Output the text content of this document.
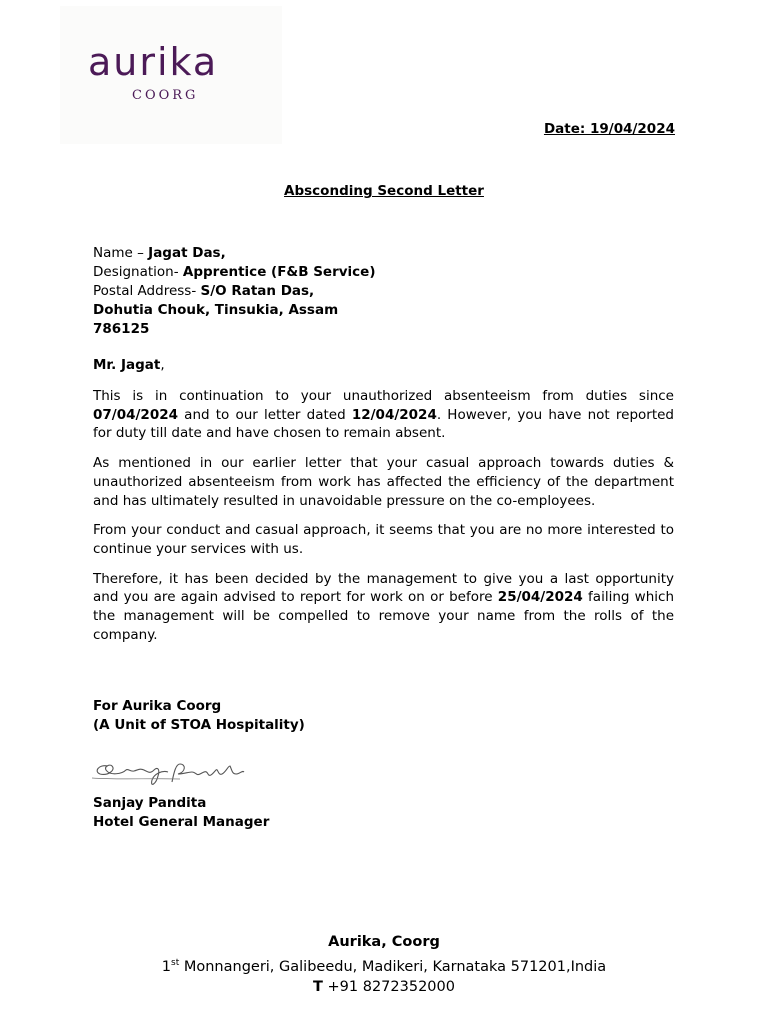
aurika
COORG
Date: 19/04/2024
Absconding Second Letter
Name – Jagat Das,
Designation- Apprentice (F&B Service)
Postal Address- S/O Ratan Das,
Dohutia Chouk, Tinsukia, Assam
786125
Mr. Jagat,

This is in continuation to your unauthorized absenteeism from duties since 07/04/2024 and to our letter dated 12/04/2024. However, you have not reported for duty till date and have chosen to remain absent.

As mentioned in our earlier letter that your casual approach towards duties & unauthorized absenteeism from work has affected the efficiency of the department and has ultimately resulted in unavoidable pressure on the co-employees.

From your conduct and casual approach, it seems that you are no more interested to continue your services with us.

Therefore, it has been decided by the management to give you a last opportunity and you are again advised to report for work on or before 25/04/2024 failing which the management will be compelled to remove your name from the rolls of the company.

For Aurika Coorg
(A Unit of STOA Hospitality)
Sanjay Pandita
Hotel General Manager
Aurika, Coorg
1st Monnangeri, Galibeedu, Madikeri, Karnataka 571201,India
T +91 8272352000
